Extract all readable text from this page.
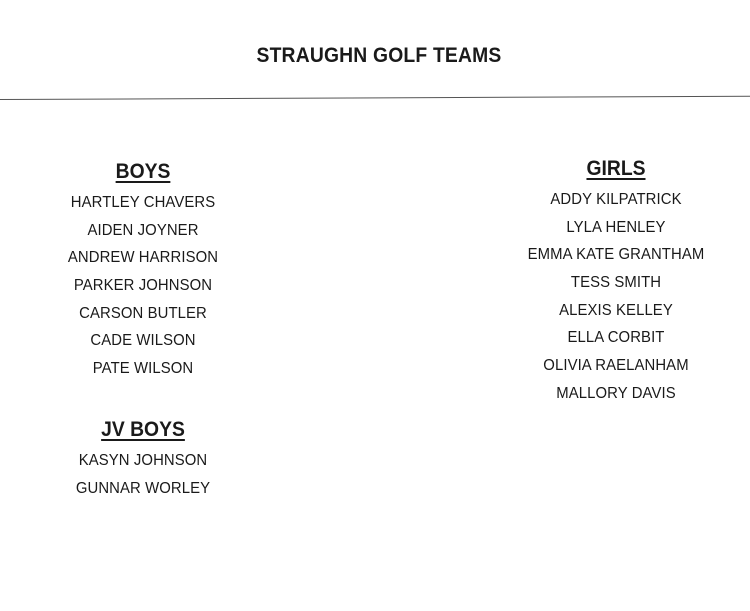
STRAUGHN GOLF TEAMS
BOYS
HARTLEY CHAVERS
AIDEN JOYNER
ANDREW HARRISON
PARKER JOHNSON
CARSON BUTLER
CADE WILSON
PATE WILSON
JV BOYS
KASYN JOHNSON
GUNNAR WORLEY
GIRLS
ADDY KILPATRICK
LYLA HENLEY
EMMA KATE GRANTHAM
TESS SMITH
ALEXIS KELLEY
ELLA CORBIT
OLIVIA RAELANHAM
MALLORY DAVIS
